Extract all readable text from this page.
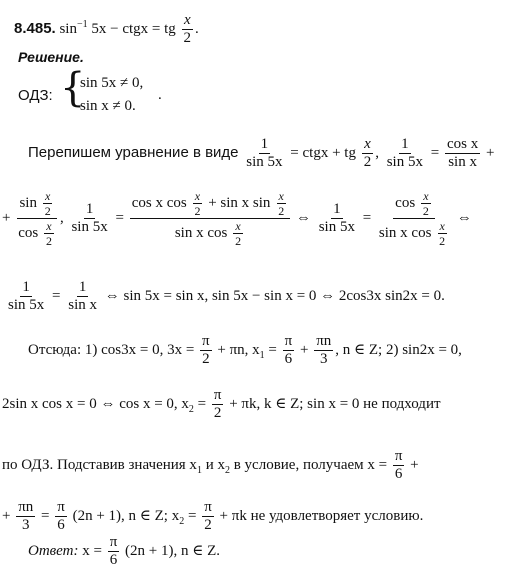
8.485. $\sin^{-1} 5x$ − ctgx = tg $\frac{x}{2}$ .
Решение.
ОДЗ: {
sin 5x ≠ 0,
sin x ≠ 0.
.
Перепишем уравнение в виде $\frac{1}{\sin 5x}$ = ctgx + tg $\frac{x}{2}$ , $\frac{1}{\sin 5x} = \frac{\text{cos x}}{\text{sin x}}$ +
+ $\frac{\sin \frac{x}{2}}{\cos \frac{x}{2}}$ , $\frac{1}{\sin 5x} = \frac{\cos x \cos \frac{x}{2} + \sin x \sin \frac{x}{2}}{\sin x \cos \frac{x}{2}}$ ⇔ $\frac{1}{\sin 5x} = \frac{\cos \frac{x}{2}}{\sin x \cos \frac{x}{2}}$ ⇔
$\frac{1}{\sin 5x} = \frac{1}{\text{sin x}}$ ⇔ sin 5x = sin x, sin 5x − sin x = 0 ⇔ 2cos3x sin2x = 0.
Отсюда: 1) cos3x = 0, $3x = \frac{\pi}{2} + \pi n$, $x_1 = \frac{\pi}{6} + \frac{\pi n}{3}$ , n ∈ Z; 2) sin2x = 0,
2sin x cos x = 0 ⇔ cos x = 0, $x_2 = \frac{\pi}{2} + \pi k$, k ∈ Z; sin x = 0 не подходит
по ОДЗ. Подставив значения $x_1$ и $x_2$ в условие, получаем $x = \frac{\pi}{6}$ +
+ $\frac{\pi n}{3} = \frac{\pi}{6} (2n + 1)$, n ∈ Z; $x_2 = \frac{\pi}{2} + \pi k$ не удовлетворяет условию.
Ответ: $x = \frac{\pi}{6} (2n + 1)$, n ∈ Z.
